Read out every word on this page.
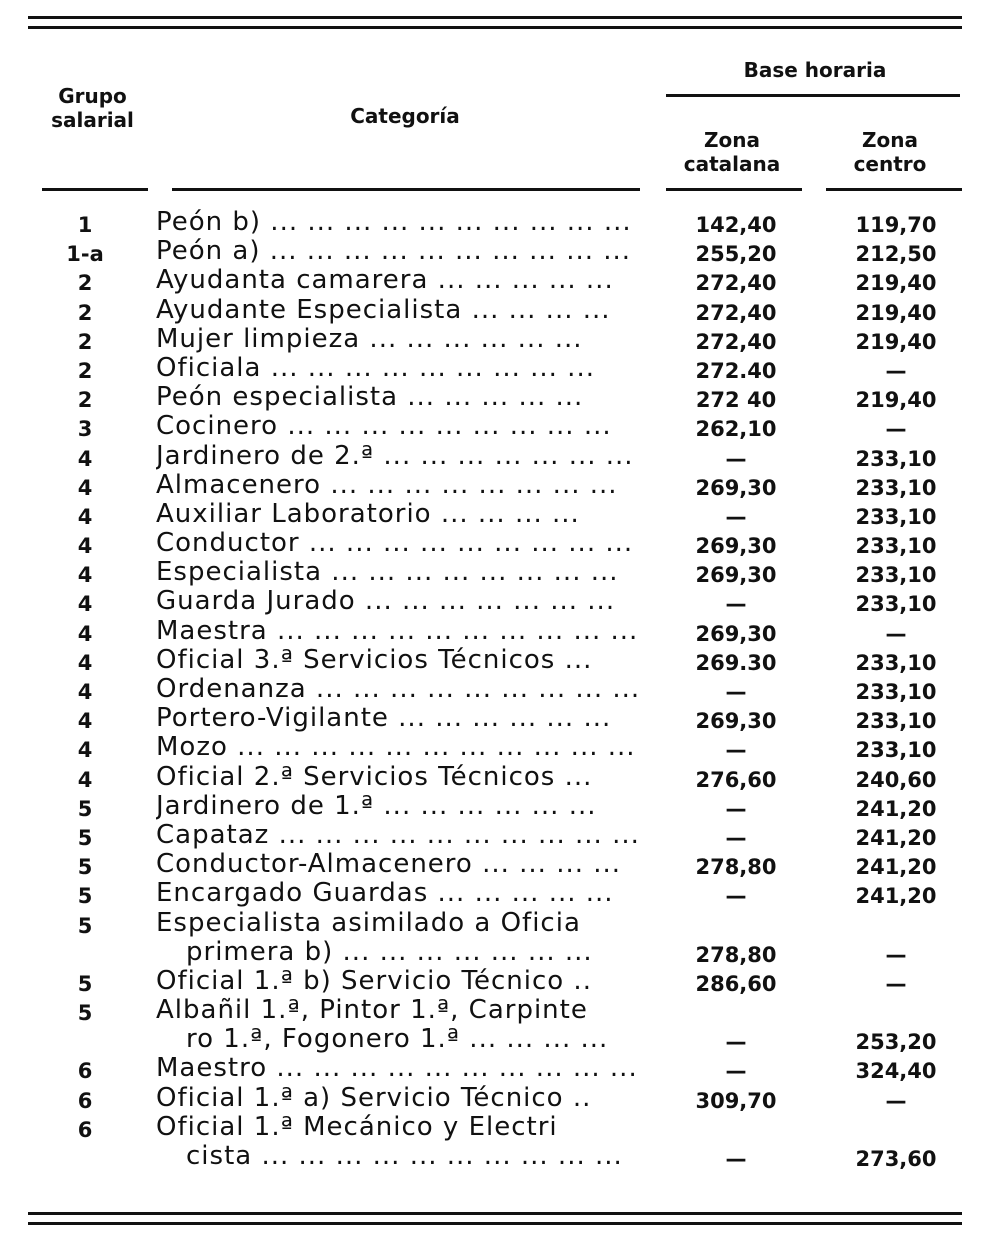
Grupo salarial	Categoría
Base horaria
Zona catalana
Zona centro
1	Peón b) ... ... ... ... ... ... ... ... ... ...	142,40	119,70
1-a	Peón a) ... ... ... ... ... ... ... ... ... ...	255,20	212,50
2	Ayudanta camarera ... ... ... ... ...	272,40	219,40
2	Ayudante Especialista ... ... ... ...	272,40	219,40
2	Mujer limpieza ... ... ... ... ... ...	272,40	219,40
2	Oficiala ... ... ... ... ... ... ... ... ...	272.40	—
2	Peón especialista ... ... ... ... ...	272 40	219,40
3	Cocinero ... ... ... ... ... ... ... ... ...	262,10	—
4	Jardinero de 2.ª ... ... ... ... ... ... ...	—	233,10
4	Almacenero ... ... ... ... ... ... ... ...	269,30	233,10
4	Auxiliar Laboratorio ... ... ... ...	—	233,10
4	Conductor ... ... ... ... ... ... ... ... ...	269,30	233,10
4	Especialista ... ... ... ... ... ... ... ...	269,30	233,10
4	Guarda Jurado ... ... ... ... ... ... ...	—	233,10
4	Maestra ... ... ... ... ... ... ... ... ... ...	269,30	—
4	Oficial 3.ª Servicios Técnicos ...	269.30	233,10
4	Ordenanza ... ... ... ... ... ... ... ... ...	—	233,10
4	Portero-Vigilante ... ... ... ... ... ...	269,30	233,10
4	Mozo ... ... ... ... ... ... ... ... ... ... ...	—	233,10
4	Oficial 2.ª Servicios Técnicos ...	276,60	240,60
5	Jardinero de 1.ª ... ... ... ... ... ...	—	241,20
5	Capataz ... ... ... ... ... ... ... ... ... ...	—	241,20
5	Conductor-Almacenero ... ... ... ...	278,80	241,20
5	Encargado Guardas ... ... ... ... ...	—	241,20
5	Especialista asimilado a Oficia
primera b) ... ... ... ... ... ... ...	278,80	—
5	Oficial 1.ª b) Servicio Técnico ..	286,60	—
5	Albañil 1.ª, Pintor 1.ª, Carpinte
ro 1.ª, Fogonero 1.ª ... ... ... ...	—	253,20
6	Maestro ... ... ... ... ... ... ... ... ... ...	—	324,40
6	Oficial 1.ª a) Servicio Técnico ..	309,70	—
6	Oficial 1.ª Mecánico y Electri
cista ... ... ... ... ... ... ... ... ... ...	—	273,60
